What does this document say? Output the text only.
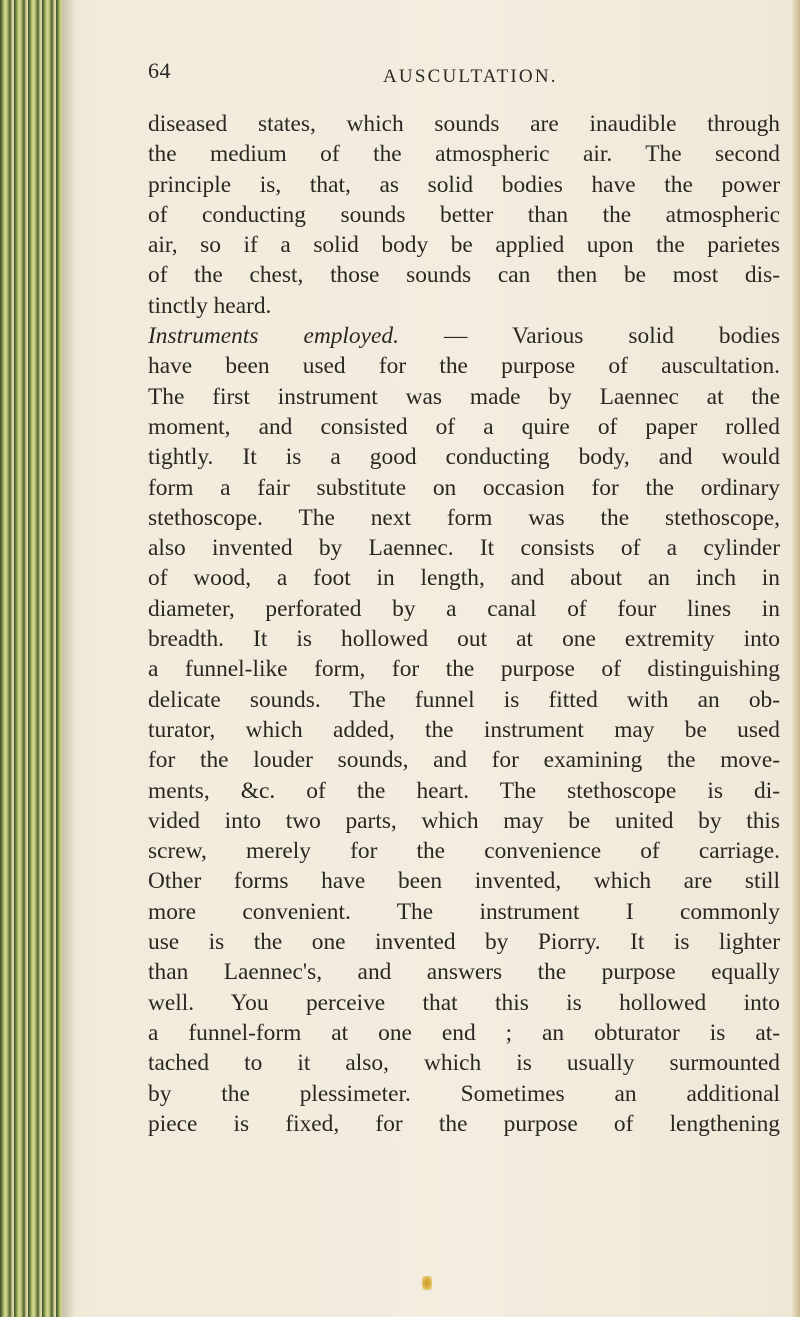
64	AUSCULTATION.
diseased states, which sounds are inaudible through
the medium of the atmospheric air. The second
principle is, that, as solid bodies have the power
of conducting sounds better than the atmospheric
air, so if a solid body be applied upon the parietes
of the chest, those sounds can then be most dis-
tinctly heard.
Instruments employed. — Various solid bodies
have been used for the purpose of auscultation.
The first instrument was made by Laennec at the
moment, and consisted of a quire of paper rolled
tightly. It is a good conducting body, and would
form a fair substitute on occasion for the ordinary
stethoscope. The next form was the stethoscope,
also invented by Laennec. It consists of a cylinder
of wood, a foot in length, and about an inch in
diameter, perforated by a canal of four lines in
breadth. It is hollowed out at one extremity into
a funnel-like form, for the purpose of distinguishing
delicate sounds. The funnel is fitted with an ob-
turator, which added, the instrument may be used
for the louder sounds, and for examining the move-
ments, &c. of the heart. The stethoscope is di-
vided into two parts, which may be united by this
screw, merely for the convenience of carriage.
Other forms have been invented, which are still
more convenient. The instrument I commonly
use is the one invented by Piorry. It is lighter
than Laennec's, and answers the purpose equally
well. You perceive that this is hollowed into
a funnel-form at one end ; an obturator is at-
tached to it also, which is usually surmounted
by the plessimeter. Sometimes an additional
piece is fixed, for the purpose of lengthening
